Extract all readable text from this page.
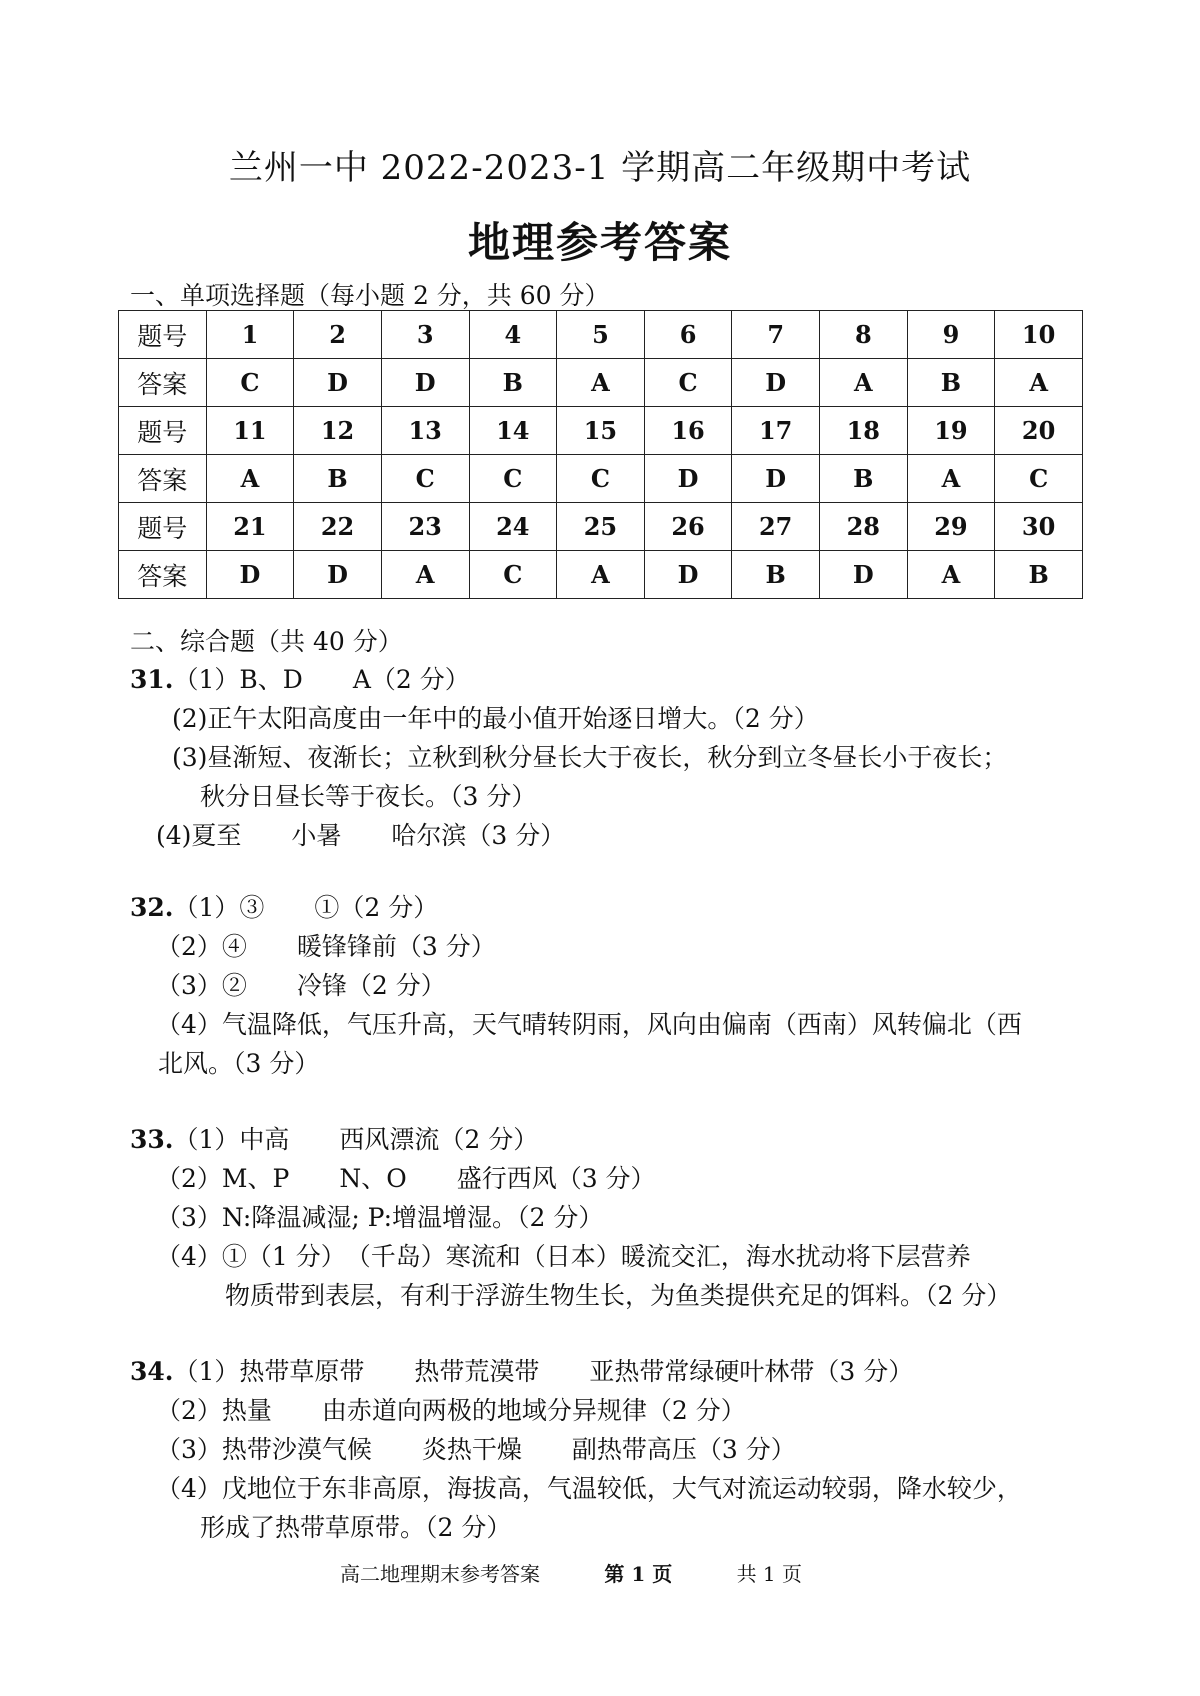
兰州一中 2022-2023-1 学期高二年级期中考试
地理参考答案
一、单项选择题（每小题 2 分，共 60 分）
题号	1	2	3	4	5	6	7	8	9	10
答案	C	D	D	B	A	C	D	A	B	A
题号	11	12	13	14	15	16	17	18	19	20
答案	A	B	C	C	C	D	D	B	A	C
题号	21	22	23	24	25	26	27	28	29	30
答案	D	D	A	C	A	D	B	D	A	B
二、综合题（共 40 分）
31.（1）B、D　　A（2 分）
(2)正午太阳高度由一年中的最小值开始逐日增大。（2 分）
(3)昼渐短、夜渐长；立秋到秋分昼长大于夜长，秋分到立冬昼长小于夜长；
秋分日昼长等于夜长。（3 分）
(4)夏至　　小暑　　哈尔滨（3 分）
32.（1）③　　①（2 分）
（2）④　　暖锋锋前（3 分）
（3）②　　冷锋（2 分）
（4）气温降低，气压升高，天气晴转阴雨，风向由偏南（西南）风转偏北（西
北风。（3 分）
33.（1）中高　　西风漂流（2 分）
（2）M、P　　N、O　　盛行西风（3 分）
（3）N:降温减湿; P:增温增湿。（2 分）
（4）①（1 分）　（千岛）寒流和（日本）暖流交汇，海水扰动将下层营养
物质带到表层，有利于浮游生物生长，为鱼类提供充足的饵料。（2 分）
34.（1）热带草原带　　热带荒漠带　　亚热带常绿硬叶林带（3 分）
（2）热量　　由赤道向两极的地域分异规律（2 分）
（3）热带沙漠气候　　炎热干燥　　副热带高压（3 分）
（4）戊地位于东非高原，海拔高，气温较低，大气对流运动较弱，降水较少，
形成了热带草原带。（2 分）
高二地理期末参考答案	第 1 页	共 1 页
